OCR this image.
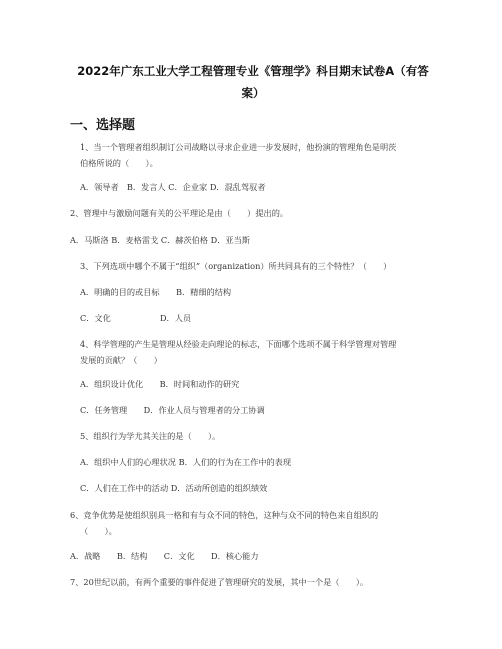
2022年广东工业大学工程管理专业《管理学》科目期末试卷A（有答
案）
一、选择题
1、当一个管理者组织制订公司战略以寻求企业进一步发展时，他扮演的管理角色是明茨
伯格所说的（　　）。
A．领导者　B．发言人 C．企业家 D．混乱驾驭者
2、管理中与激励问题有关的公平理论是由（　　）提出的。
A．马斯洛 B．麦格雷戈 C．赫茨伯格 D．亚当斯
3、下列选项中哪个不属于“组织”（organization）所共同具有的三个特性？（　　）
A．明确的目的或目标　　B．精细的结构
C．文化　　　　　　D．人员
4、科学管理的产生是管理从经验走向理论的标志，下面哪个选项不属于科学管理对管理
发展的贡献？（　　）
A．组织设计优化　　B．时间和动作的研究
C．任务管理　　D．作业人员与管理者的分工协调
5、组织行为学尤其关注的是（　　）。
A．组织中人们的心理状况 B．人们的行为在工作中的表现
C．人们在工作中的活动 D．活动所创造的组织绩效
6、竞争优势是使组织别具一格和有与众不同的特色，这种与众不同的特色来自组织的
（　　）。
A．战略　　B．结构　　C．文化　　D．核心能力
7、20世纪以前，有两个重要的事件促进了管理研究的发展，其中一个是（　　）。
